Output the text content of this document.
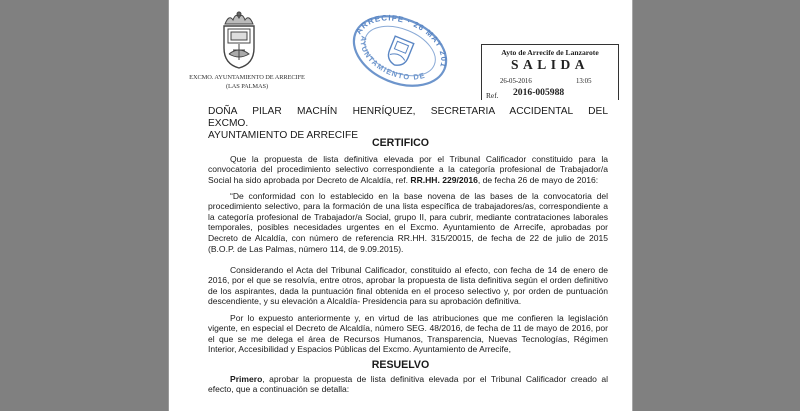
EXCMO. AYUNTAMIENTO DE ARRECIFE
(LAS PALMAS)
ARRECIFE · 26 MAY 2016
AYUNTAMIENTO DE
Ayto de Arrecife de Lanzarote
SALIDA
26-05-2016	13:05
Ref. 2016-005988
DOÑA PILAR MACHÍN HENRÍQUEZ, SECRETARIA ACCIDENTAL DEL EXCMO.
AYUNTAMIENTO DE ARRECIFE
CERTIFICO

Que la propuesta de lista definitiva elevada por el Tribunal Calificador constituido para la convocatoria del procedimiento selectivo correspondiente a la categoría profesional de Trabajador/a Social ha sido aprobada por Decreto de Alcaldía, ref. RR.HH. 229/2016, de fecha 26 de mayo de 2016:

“De conformidad con lo establecido en la base novena de las bases de la convocatoria del procedimiento selectivo, para la formación de una lista específica de trabajadores/as, correspondiente a la categoría profesional de Trabajador/a Social, grupo II, para cubrir, mediante contrataciones laborales temporales, posibles necesidades urgentes en el Excmo. Ayuntamiento de Arrecife, aprobadas por Decreto de Alcaldía, con número de referencia RR.HH. 315/20015, de fecha de 22 de julio de 2015 (B.O.P. de Las Palmas, número 114, de 9.09.2015).

Considerando el Acta del Tribunal Calificador, constituido al efecto, con fecha de 14 de enero de 2016, por el que se resolvía, entre otros, aprobar la propuesta de lista definitiva según el orden definitivo de los aspirantes, dada la puntuación final obtenida en el proceso selectivo y, por orden de puntuación descendiente, y su elevación a Alcaldía- Presidencia para su aprobación definitiva.

Por lo expuesto anteriormente y, en virtud de las atribuciones que me confieren la legislación vigente, en especial el Decreto de Alcaldía, número SEG. 48/2016, de fecha de 11 de mayo de 2016, por el que se me delega el área de Recursos Humanos, Transparencia, Nuevas Tecnologías, Régimen Interior, Accesibilidad y Espacios Públicas del Excmo. Ayuntamiento de Arrecife,

RESUELVO

Primero, aprobar la propuesta de lista definitiva elevada por el Tribunal Calificador creado al efecto, que a continuación se detalla:
